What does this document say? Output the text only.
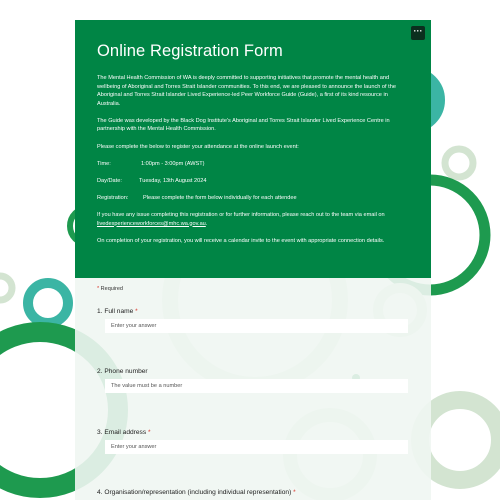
···
Online Registration Form

The Mental Health Commission of WA is deeply committed to supporting initiatives that promote the mental health and wellbeing of Aboriginal and Torres Strait Islander communities. To this end, we are pleased to announce the launch of the Aboriginal and Torres Strait Islander Lived Experience-led Peer Workforce Guide (Guide), a first of its kind resource in Australia.

The Guide was developed by the Black Dog Institute's Aboriginal and Torres Strait Islander Lived Experience Centre in partnership with the Mental Health Commission.

Please complete the below to register your attendance at the online launch event:

Time:	1:00pm - 3:00pm (AWST)

Day/Date:	Tuesday, 13th August 2024

Registration:	Please complete the form below individually for each attendee

If you have any issue completing this registration or for further information, please reach out to the team via email on livedexperienceworkforces@mhc.wa.gov.au.

On completion of your registration, you will receive a calendar invite to the event with appropriate connection details.

* Required
1. Full name *
Enter your answer
2. Phone number
The value must be a number
3. Email address *
Enter your answer
4. Organisation/representation (including individual representation) *
